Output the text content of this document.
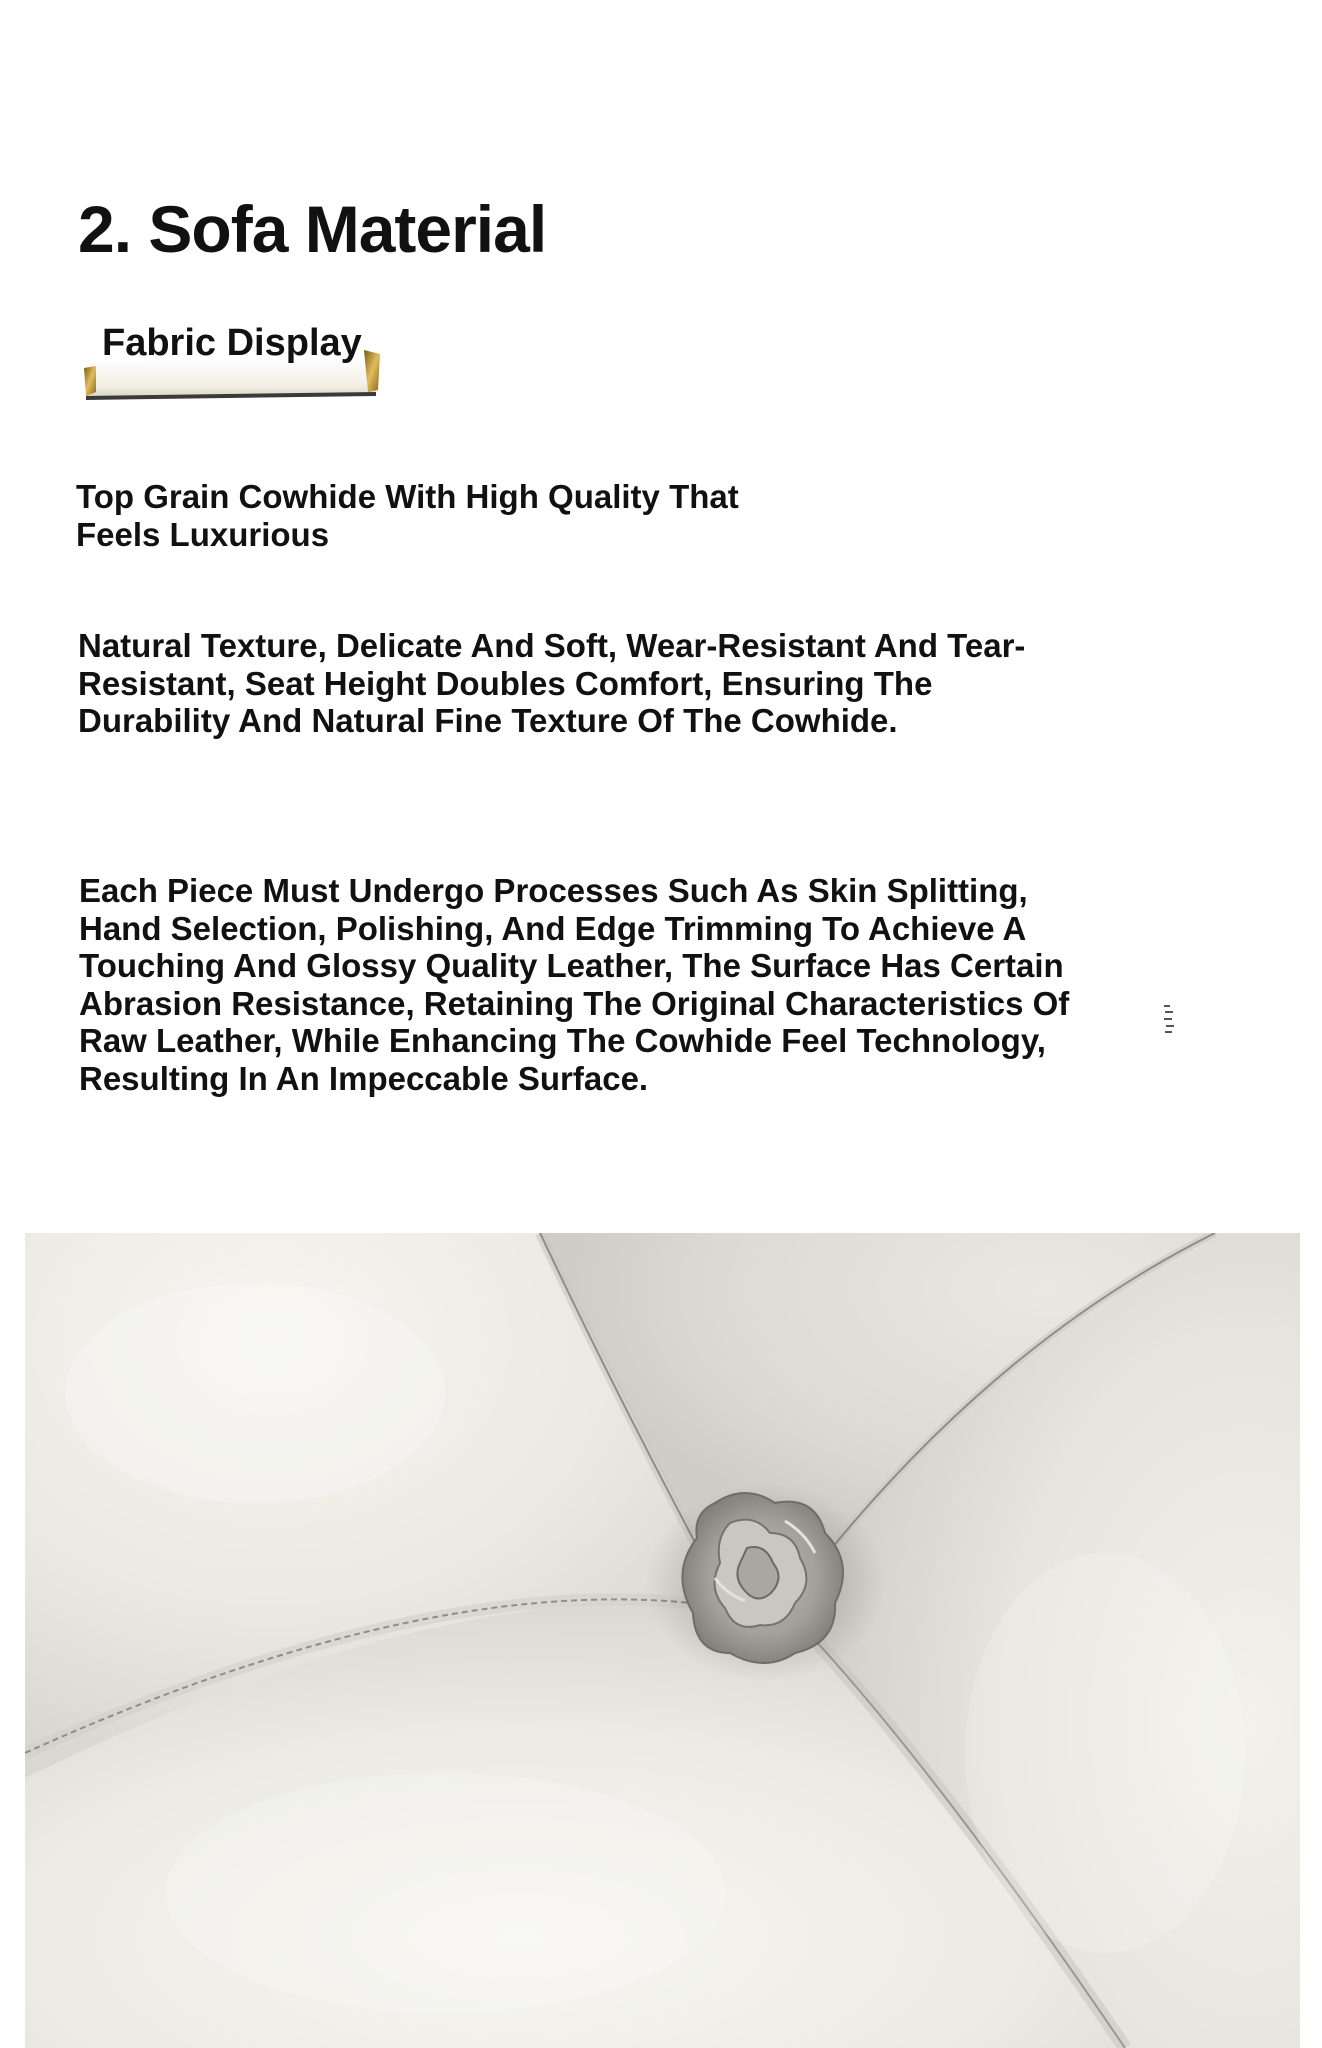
2. Sofa Material
Fabric Display

Top Grain Cowhide With High Quality That Feels Luxurious

Natural Texture, Delicate And Soft, Wear-Resistant And Tear-Resistant, Seat Height Doubles Comfort, Ensuring The Durability And Natural Fine Texture Of The Cowhide.

Each Piece Must Undergo Processes Such As Skin Splitting, Hand Selection, Polishing, And Edge Trimming To Achieve A Touching And Glossy Quality Leather, The Surface Has Certain Abrasion Resistance, Retaining The Original Characteristics Of Raw Leather, While Enhancing The Cowhide Feel Technology, Resulting In An Impeccable Surface.
